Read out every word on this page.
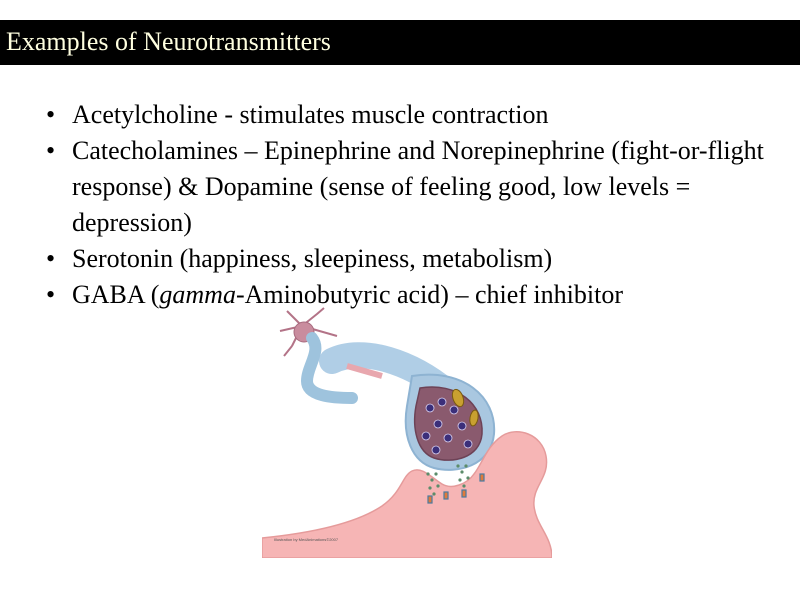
Examples of Neurotransmitters
• Acetylcholine - stimulates muscle contraction
• Catecholamines – Epinephrine and Norepinephrine (fight-or-flight response) & Dopamine (sense of feeling good, low levels = depression)
• Serotonin (happiness, sleepiness, metabolism)
• GABA (gamma-Aminobutyric acid) – chief inhibitor
Illustration by MedAnimations©2007
